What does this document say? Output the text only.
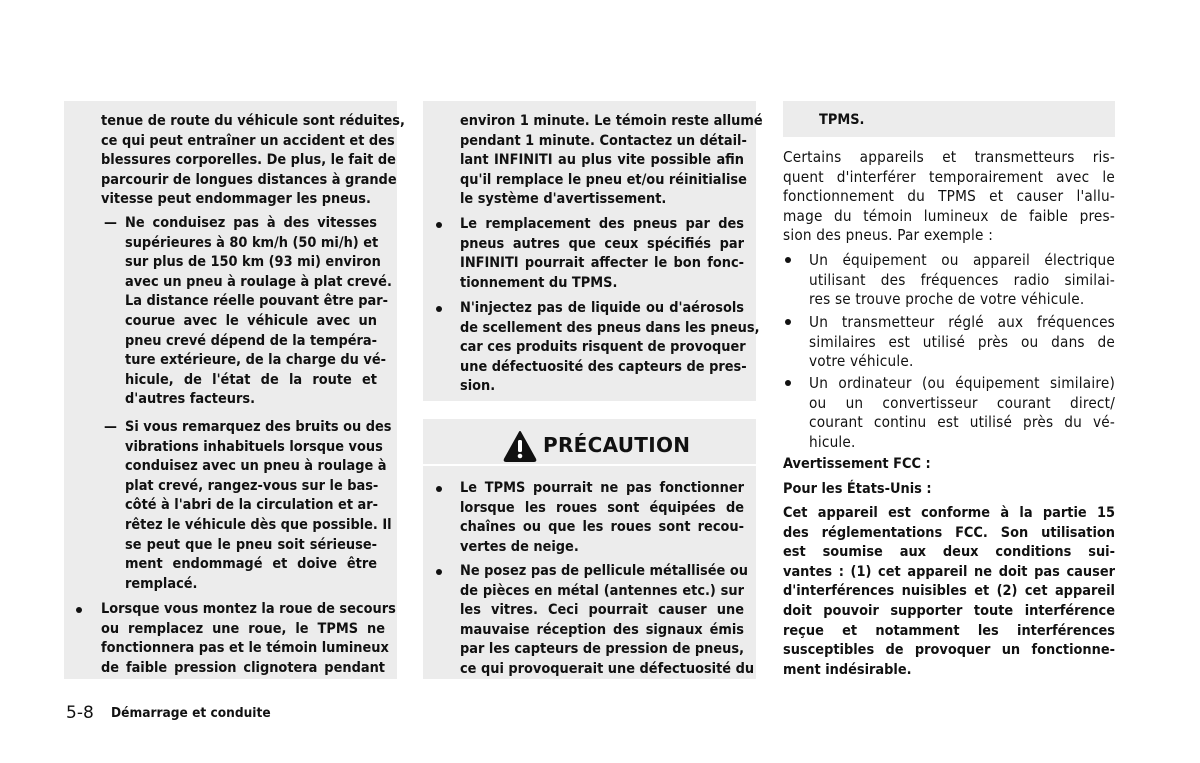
tenue de route du véhicule sont réduites,
ce qui peut entraîner un accident et des
blessures corporelles. De plus, le fait de
parcourir de longues distances à grande
vitesse peut endommager les pneus.
— Ne conduisez pas à des vitesses
supérieures à 80 km/h (50 mi/h) et
sur plus de 150 km (93 mi) environ
avec un pneu à roulage à plat crevé.
La distance réelle pouvant être par-
courue avec le véhicule avec un
pneu crevé dépend de la tempéra-
ture extérieure, de la charge du vé-
hicule, de l'état de la route et
d'autres facteurs.
— Si vous remarquez des bruits ou des
vibrations inhabituels lorsque vous
conduisez avec un pneu à roulage à
plat crevé, rangez-vous sur le bas-
côté à l'abri de la circulation et ar-
rêtez le véhicule dès que possible. Il
se peut que le pneu soit sérieuse-
ment endommagé et doive être
remplacé.
Lorsque vous montez la roue de secours
ou remplacez une roue, le TPMS ne
fonctionnera pas et le témoin lumineux
de faible pression clignotera pendant
environ 1 minute. Le témoin reste allumé
pendant 1 minute. Contactez un détail-
lant INFINITI au plus vite possible afin
qu'il remplace le pneu et/ou réinitialise
le système d'avertissement.
Le remplacement des pneus par des
pneus autres que ceux spécifiés par
INFINITI pourrait affecter le bon fonc-
tionnement du TPMS.
N'injectez pas de liquide ou d'aérosols
de scellement des pneus dans les pneus,
car ces produits risquent de provoquer
une défectuosité des capteurs de pres-
sion.
PRÉCAUTION
Le TPMS pourrait ne pas fonctionner
lorsque les roues sont équipées de
chaînes ou que les roues sont recou-
vertes de neige.
Ne posez pas de pellicule métallisée ou
de pièces en métal (antennes etc.) sur
les vitres. Ceci pourrait causer une
mauvaise réception des signaux émis
par les capteurs de pression de pneus,
ce qui provoquerait une défectuosité du
TPMS.
Certains appareils et transmetteurs ris-
quent d'interférer temporairement avec le
fonctionnement du TPMS et causer l'allu-
mage du témoin lumineux de faible pres-
sion des pneus. Par exemple :
Un équipement ou appareil électrique
utilisant des fréquences radio similai-
res se trouve proche de votre véhicule.
Un transmetteur réglé aux fréquences
similaires est utilisé près ou dans de
votre véhicule.
Un ordinateur (ou équipement similaire)
ou un convertisseur courant direct/
courant continu est utilisé près du vé-
hicule.
Avertissement FCC :
Pour les États-Unis :
Cet appareil est conforme à la partie 15
des réglementations FCC. Son utilisation
est soumise aux deux conditions sui-
vantes : (1) cet appareil ne doit pas causer
d'interférences nuisibles et (2) cet appareil
doit pouvoir supporter toute interférence
reçue et notamment les interférences
susceptibles de provoquer un fonctionne-
ment indésirable.
5-8 Démarrage et conduite
